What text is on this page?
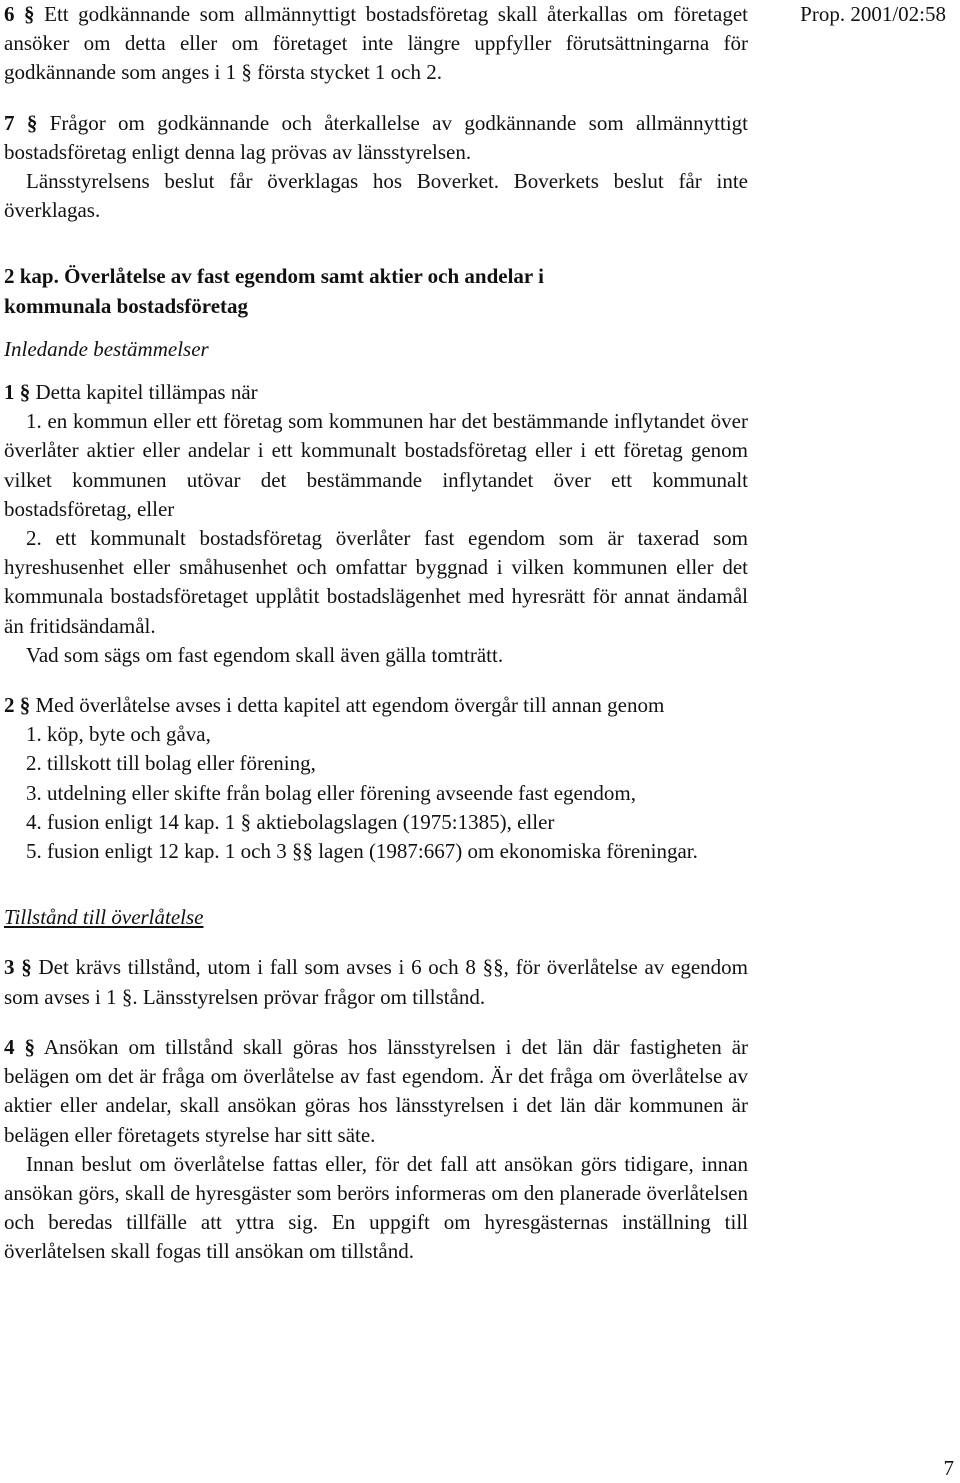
Prop. 2001/02:58

6 § Ett godkännande som allmännyttigt bostadsföretag skall återkallas om företaget ansöker om detta eller om företaget inte längre uppfyller förutsättningarna för godkännande som anges i 1 § första stycket 1 och 2.

7 § Frågor om godkännande och återkallelse av godkännande som allmännyttigt bostadsföretag enligt denna lag prövas av länsstyrelsen.

Länsstyrelsens beslut får överklagas hos Boverket. Boverkets beslut får inte överklagas.

2 kap. Överlåtelse av fast egendom samt aktier och andelar i
kommunala bostadsföretag
Inledande bestämmelser

1 § Detta kapitel tillämpas när

1. en kommun eller ett företag som kommunen har det bestämmande inflytandet över överlåter aktier eller andelar i ett kommunalt bostadsföretag eller i ett företag genom vilket kommunen utövar det bestämmande inflytandet över ett kommunalt bostadsföretag, eller

2. ett kommunalt bostadsföretag överlåter fast egendom som är taxerad som hyreshusenhet eller småhusenhet och omfattar byggnad i vilken kommunen eller det kommunala bostadsföretaget upplåtit bostadslägenhet med hyresrätt för annat ändamål än fritidsändamål.

Vad som sägs om fast egendom skall även gälla tomträtt.

2 § Med överlåtelse avses i detta kapitel att egendom övergår till annan genom

1. köp, byte och gåva,

2. tillskott till bolag eller förening,

3. utdelning eller skifte från bolag eller förening avseende fast egendom,

4. fusion enligt 14 kap. 1 § aktiebolagslagen (1975:1385), eller

5. fusion enligt 12 kap. 1 och 3 §§ lagen (1987:667) om ekonomiska föreningar.

Tillstånd till överlåtelse

3 § Det krävs tillstånd, utom i fall som avses i 6 och 8 §§, för överlåtelse av egendom som avses i 1 §. Länsstyrelsen prövar frågor om tillstånd.

4 § Ansökan om tillstånd skall göras hos länsstyrelsen i det län där fastigheten är belägen om det är fråga om överlåtelse av fast egendom. Är det fråga om överlåtelse av aktier eller andelar, skall ansökan göras hos länsstyrelsen i det län där kommunen är belägen eller företagets styrelse har sitt säte.

Innan beslut om överlåtelse fattas eller, för det fall att ansökan görs tidigare, innan ansökan görs, skall de hyresgäster som berörs informeras om den planerade överlåtelsen och beredas tillfälle att yttra sig. En uppgift om hyresgästernas inställning till överlåtelsen skall fogas till ansökan om tillstånd.

7
